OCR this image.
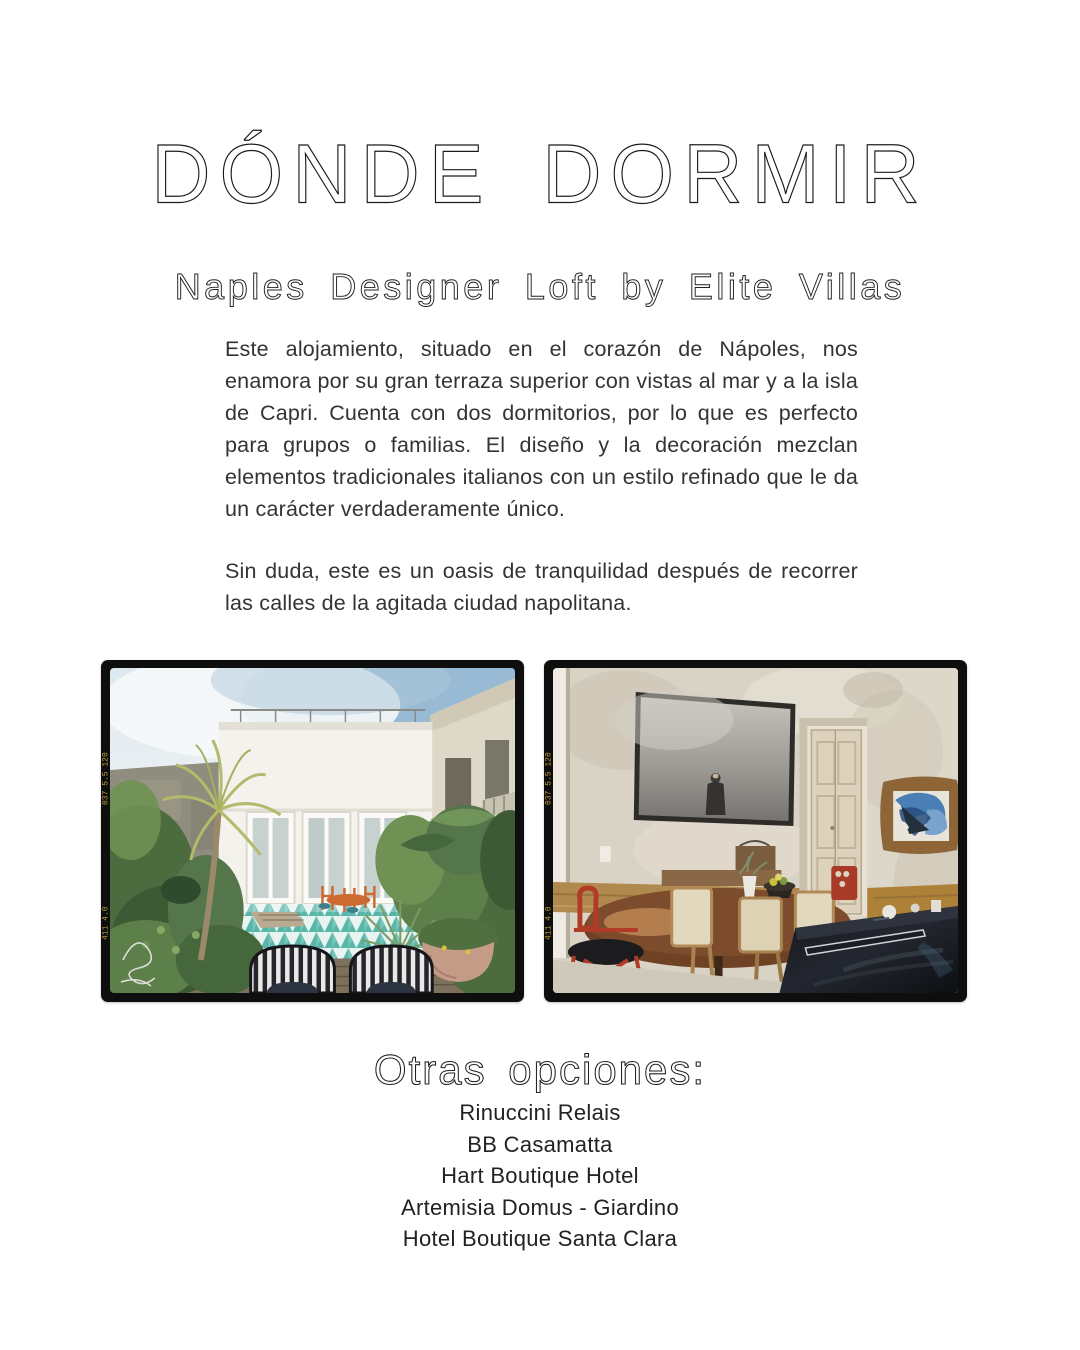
DÓNDE DORMIR
Naples Designer Loft by Elite Villas

Este alojamiento, situado en el corazón de Nápoles, nos enamora por su gran terraza superior con vistas al mar y a la isla de Capri. Cuenta con dos dormitorios, por lo que es perfecto para grupos o familias. El diseño y la decoración mezclan elementos tradicionales italianos con un estilo refinado que le da un carácter verdaderamente único.

Sin duda, este es un oasis de tranquilidad después de recorrer las calles de la agitada ciudad napolitana.

037 5.5 120
411 4.0
037 5.5 120
411 4.0
Otras opciones:
Rinuccini Relais
BB Casamatta
Hart Boutique Hotel
Artemisia Domus - Giardino
Hotel Boutique Santa Clara
